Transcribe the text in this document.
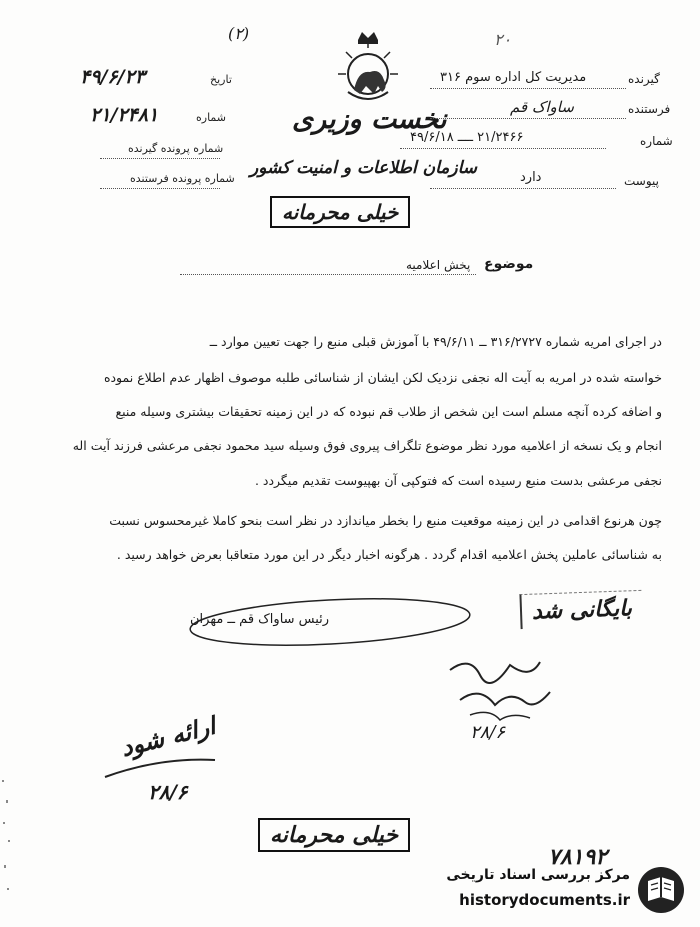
(۲)	۲۰
۴۹/۶/۲۳	تاریخ
۲۱/۲۴۸۱	شماره
شماره پرونده گیرنده
شماره پرونده فرستنده
نخست وزیری
سازمان اطلاعات و امنیت کشور
خیلی محرمانه
گیرنده
مدیریت کل اداره سوم ۳۱۶
فرستنده
ساواک قم
شماره
۲۱/۲۴۶۶ ــــ ۴۹/۶/۱۸
پیوست
دارد
موضوع
پخش اعلامیه
در اجرای امریه شماره ۳۱۶/۲۷۲۷ ــ ۴۹/۶/۱۱ با آموزش قبلی منبع را جهت تعیین موارد ــ
خواسته شده در امریه به آیت اله نجفی نزدیک لکن ایشان از شناسائی طلبه موصوف اظهار عدم اطلاع نموده
و اضافه کرده آنچه مسلم است این شخص از طلاب قم نبوده که در این زمینه تحقیقات بیشتری وسیله منبع
انجام و یک نسخه از اعلامیه مورد نظر موضوع تلگراف پیروی فوق وسیله سید محمود نجفی مرعشی فرزند آیت اله
نجفی مرعشی بدست منبع رسیده است که فتوکپی آن بهپیوست تقدیم میگردد .
چون هرنوع اقدامی در این زمینه موقعیت منبع را بخطر میاندازد در نظر است بنحو کاملا غیرمحسوس نسبت
به شناسائی عاملین پخش اعلامیه اقدام گردد . هرگونه اخبار دیگر در این مورد متعاقبا بعرض خواهد رسید .
بایگانی شد
رئیس ساواک قم ــ مهران
۲۸/۶
ارائه شود
۲۸/۶
خیلی محرمانه
۷۸۱۹۲
مرکز بررسی اسناد تاریخی
historydocuments.ir
